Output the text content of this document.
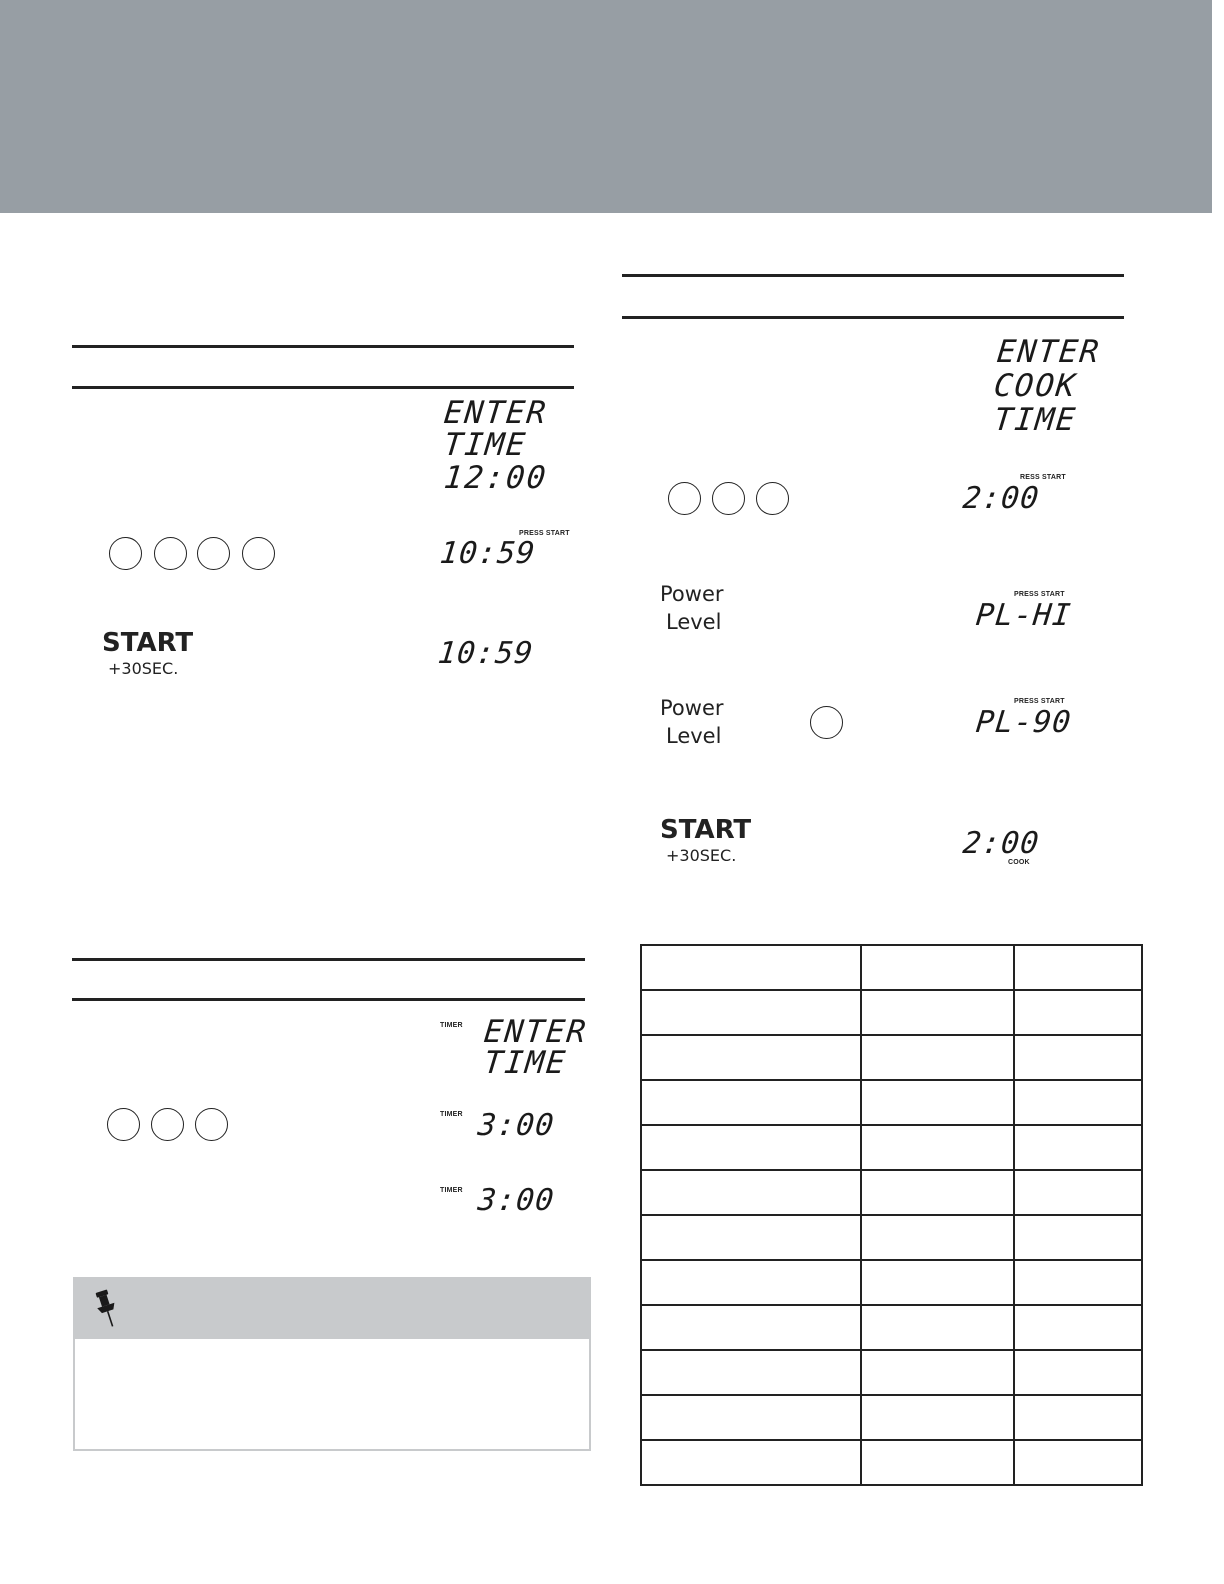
ENTER
TIME
12:00
10:59
PRESS START
START
+30SEC.	10:59
TIMER ENTER
TIME
TIMER 3:00
TIMER 3:00
ENTER
COOK
TIME
2:00
RESS START
Power
Level
PRESS START
PL-HI
Power
Level
PRESS START
PL-90
START
+30SEC.	2:00
COOK
